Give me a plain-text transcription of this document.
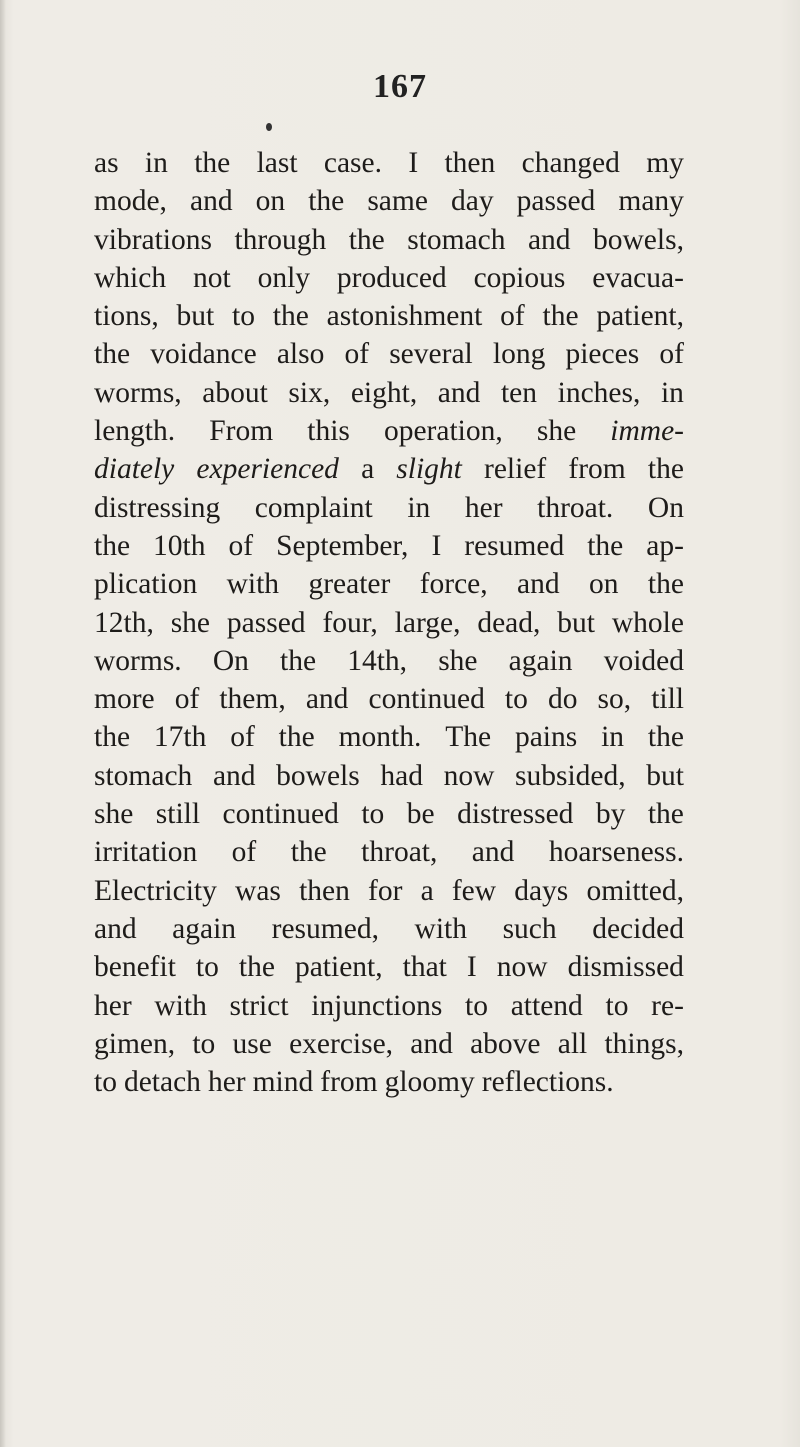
167
as in the last case. I then changed my
mode, and on the same day passed many
vibrations through the stomach and bowels,
which not only produced copious evacua-
tions, but to the astonishment of the patient,
the voidance also of several long pieces of
worms, about six, eight, and ten inches, in
length. From this operation, she imme-
diately experienced a slight relief from the
distressing complaint in her throat. On
the 10th of September, I resumed the ap-
plication with greater force, and on the
12th, she passed four, large, dead, but whole
worms. On the 14th, she again voided
more of them, and continued to do so, till
the 17th of the month. The pains in the
stomach and bowels had now subsided, but
she still continued to be distressed by the
irritation of the throat, and hoarseness.
Electricity was then for a few days omitted,
and again resumed, with such decided
benefit to the patient, that I now dismissed
her with strict injunctions to attend to re-
gimen, to use exercise, and above all things,
to detach her mind from gloomy reflections.
